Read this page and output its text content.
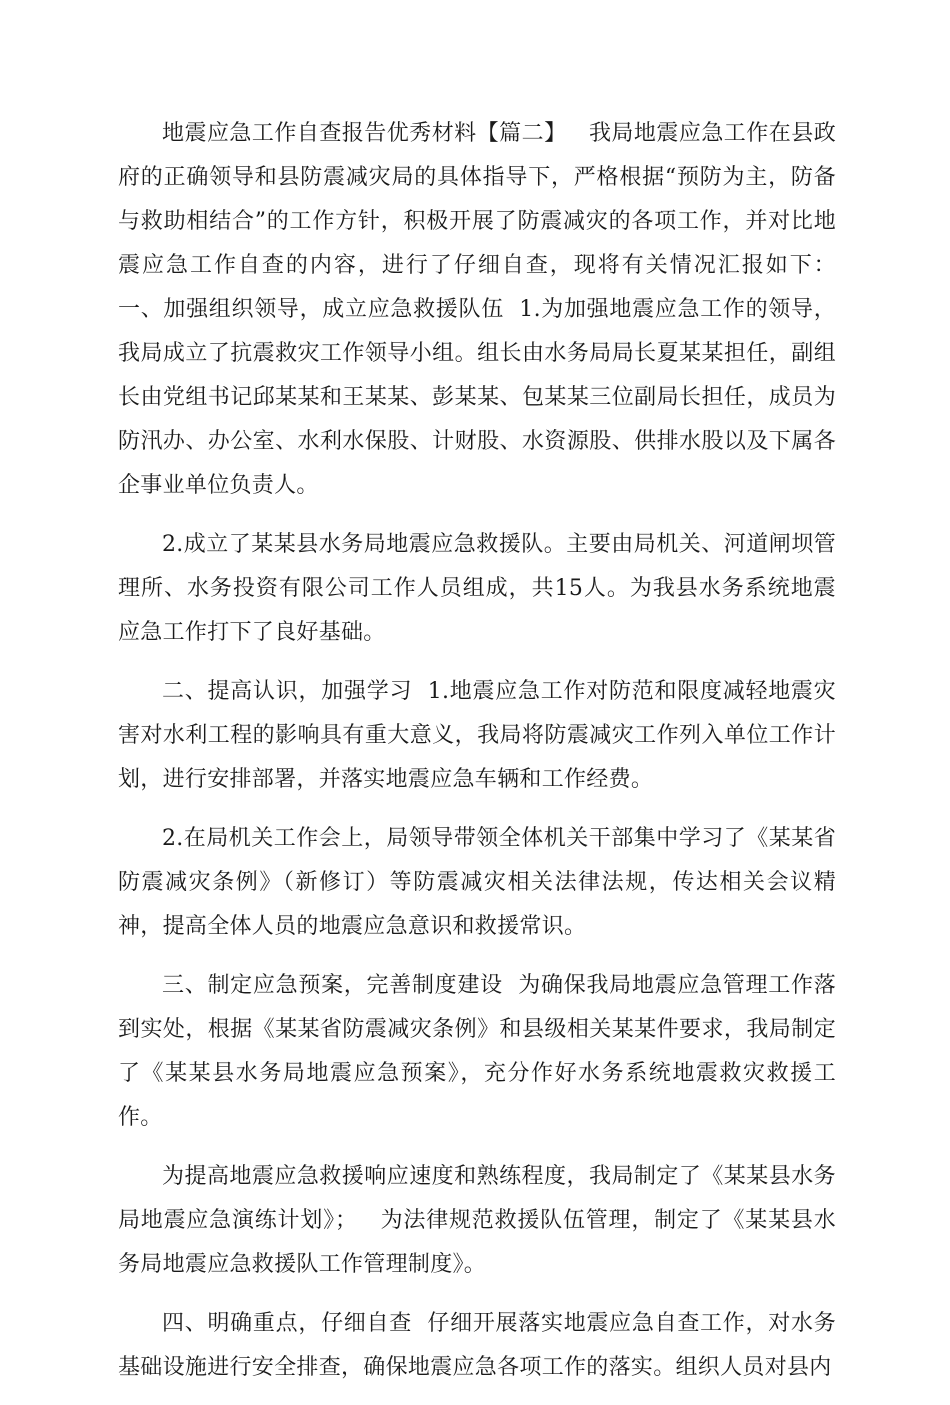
地震应急工作自查报告优秀材料【篇二】   我局地震应急工作在县政府的正确领导和县防震减灾局的具体指导下，严格根据“预防为主，防备与救助相结合”的工作方针，积极开展了防震减灾的各项工作，并对比地震应急工作自查的内容，进行了仔细自查，现将有关情况汇报如下：   一、加强组织领导，成立应急救援队伍  1.为加强地震应急工作的领导，我局成立了抗震救灾工作领导小组。组长由水务局局长夏某某担任，副组长由党组书记邱某某和王某某、彭某某、包某某三位副局长担任，成员为防汛办、办公室、水利水保股、计财股、水资源股、供排水股以及下属各企事业单位负责人。

2.成立了某某县水务局地震应急救援队。主要由局机关、河道闸坝管理所、水务投资有限公司工作人员组成，共15人。为我县水务系统地震应急工作打下了良好基础。

二、提高认识，加强学习  1.地震应急工作对防范和限度减轻地震灾害对水利工程的影响具有重大意义，我局将防震减灾工作列入单位工作计划，进行安排部署，并落实地震应急车辆和工作经费。

2.在局机关工作会上，局领导带领全体机关干部集中学习了《某某省防震减灾条例》（新修订）等防震减灾相关法律法规，传达相关会议精神，提高全体人员的地震应急意识和救援常识。

三、制定应急预案，完善制度建设  为确保我局地震应急管理工作落到实处，根据《某某省防震减灾条例》和县级相关某某件要求，我局制定了《某某县水务局地震应急预案》，充分作好水务系统地震救灾救援工作。

为提高地震应急救援响应速度和熟练程度，我局制定了《某某县水务局地震应急演练计划》；   为法律规范救援队伍管理，制定了《某某县水务局地震应急救援队工作管理制度》。

四、明确重点，仔细自查  仔细开展落实地震应急自查工作，对水务基础设施进行安全排查，确保地震应急各项工作的落实。组织人员对县内
